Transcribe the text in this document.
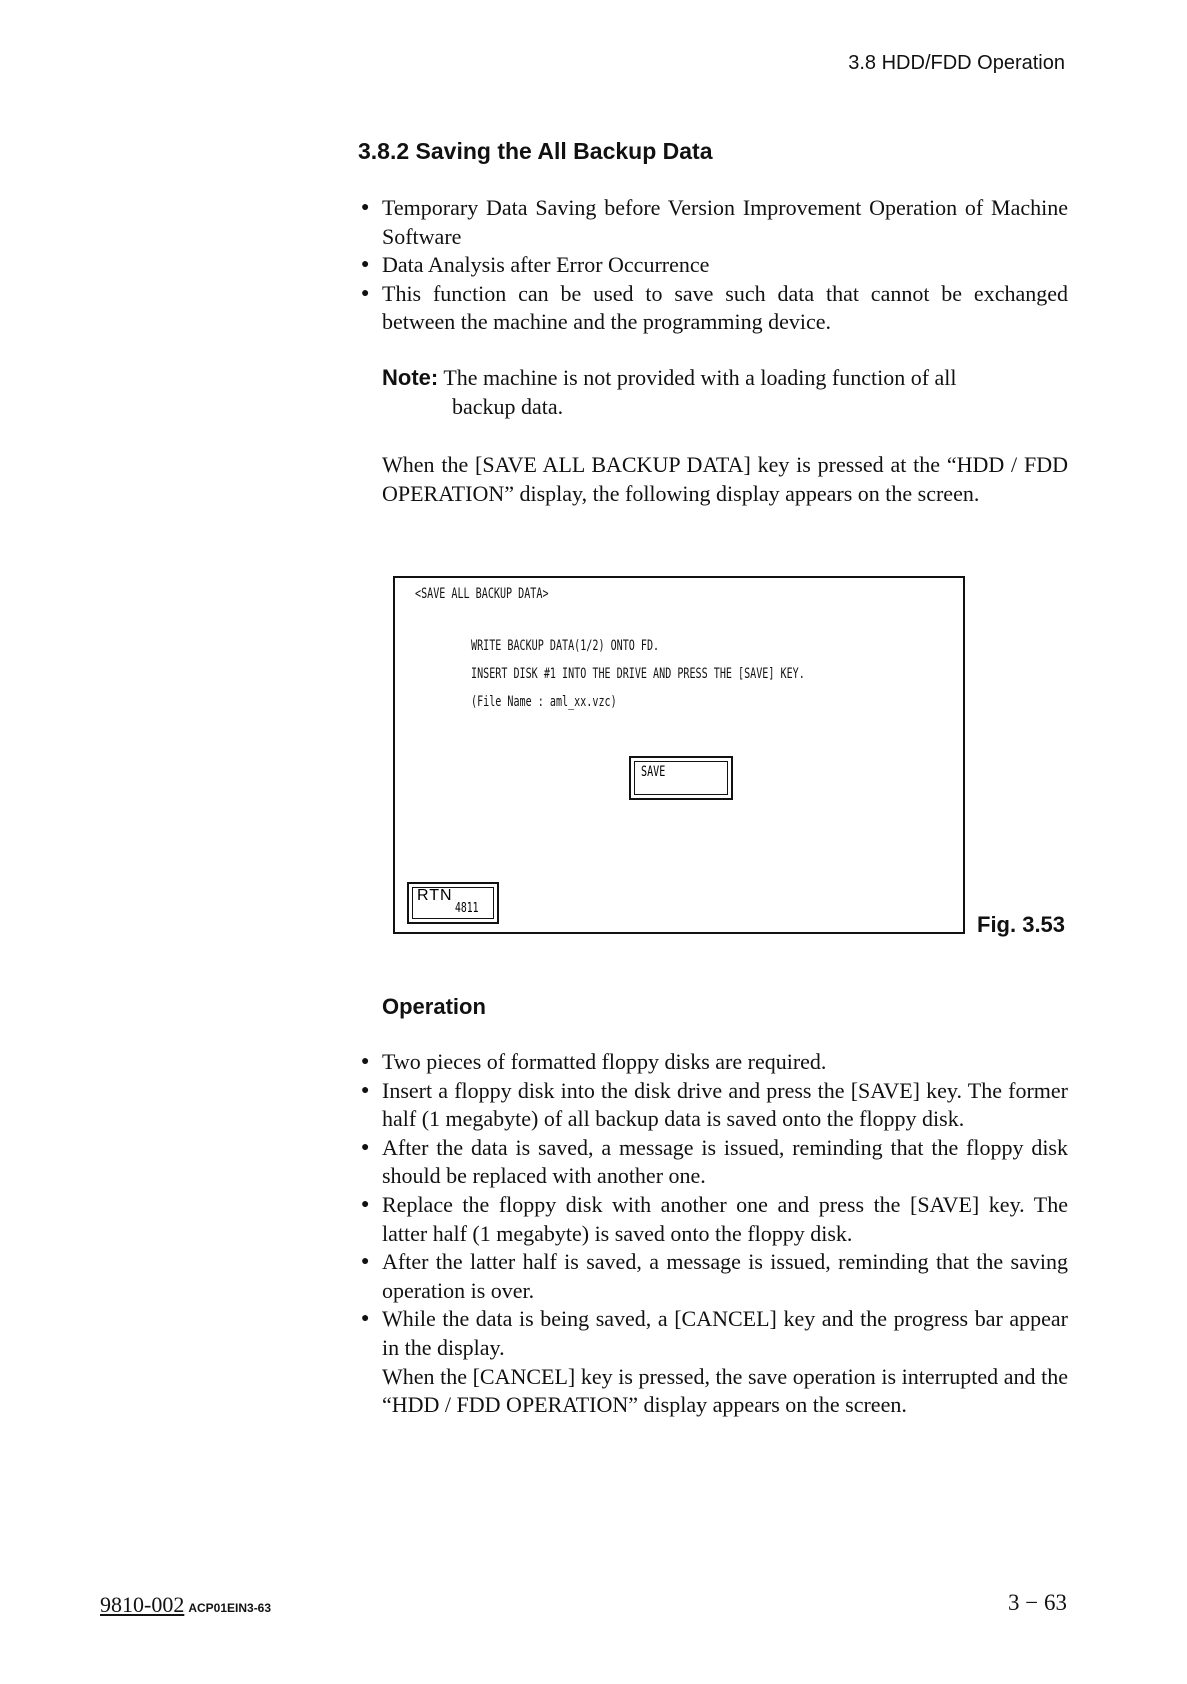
3.8 HDD/FDD Operation
3.8.2 Saving the All Backup Data
● Temporary Data Saving before Version Improvement Operation of Machine Software
● Data Analysis after Error Occurrence
● This function can be used to save such data that cannot be exchanged between the machine and the programming device.
Note: The machine is not provided with a loading function of all
backup data.
When the [SAVE ALL BACKUP DATA] key is pressed at the “HDD / FDD OPERATION” display, the following display appears on the screen.
<SAVE ALL BACKUP DATA>
WRITE BACKUP DATA(1/2) ONTO FD.
INSERT DISK #1 INTO THE DRIVE AND PRESS THE [SAVE] KEY.
(File Name : aml_xx.vzc)
SAVE
RTN
4811
Fig. 3.53
Operation
● Two pieces of formatted floppy disks are required.
● Insert a floppy disk into the disk drive and press the [SAVE] key. The former half (1 megabyte) of all backup data is saved onto the floppy disk.
● After the data is saved, a message is issued, reminding that the floppy disk should be replaced with another one.
● Replace the floppy disk with another one and press the [SAVE] key. The latter half (1 megabyte) is saved onto the floppy disk.
● After the latter half is saved, a message is issued, reminding that the saving operation is over.
● While the data is being saved, a [CANCEL] key and the progress bar appear in the display.

When the [CANCEL] key is pressed, the save operation is interrupted and the “HDD / FDD OPERATION” display appears on the screen.

9810-002 ACP01EIN3-63	3 − 63
